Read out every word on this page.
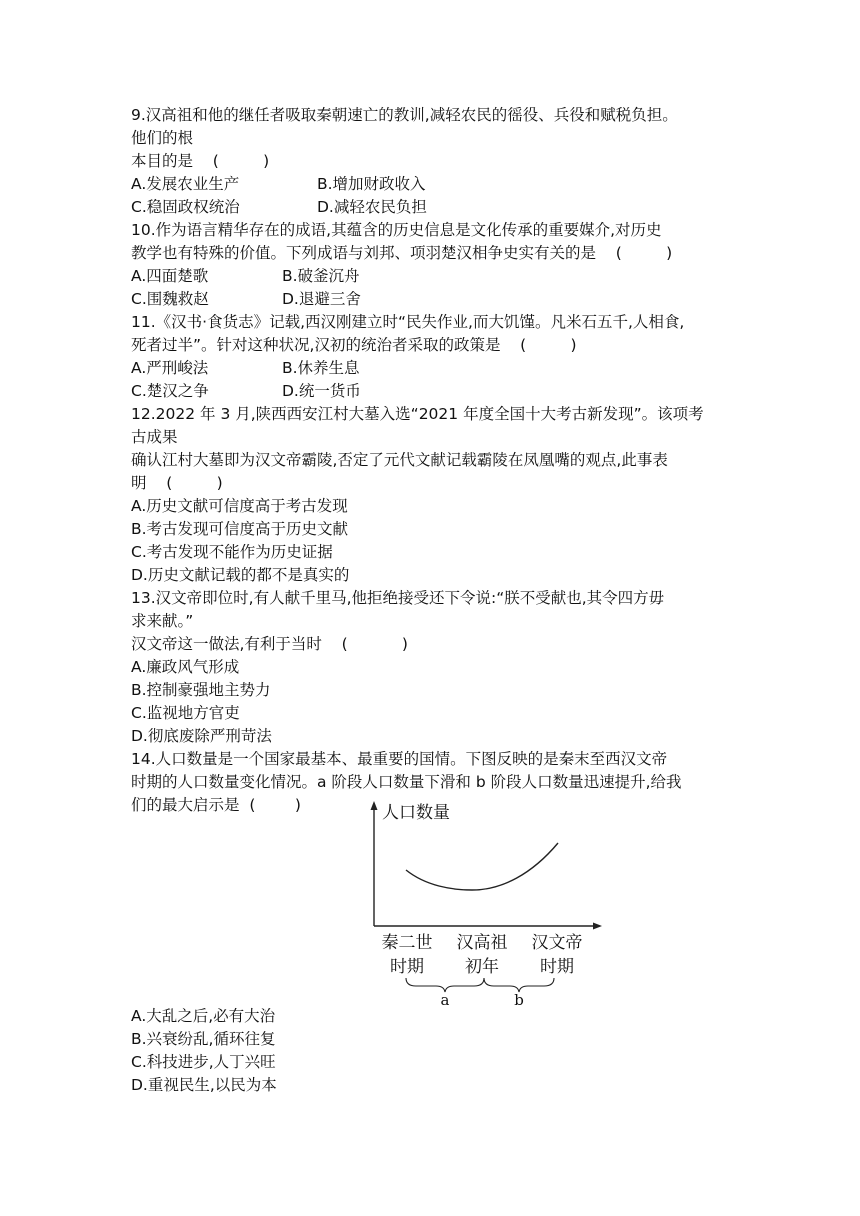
9.汉高祖和他的继任者吸取秦朝速亡的教训,减轻农民的徭役、兵役和赋税负担。
他们的根
本目的是    (         )
A.发展农业生产	B.增加财政收入
C.稳固政权统治	D.减轻农民负担
10.作为语言精华存在的成语,其蕴含的历史信息是文化传承的重要媒介,对历史
教学也有特殊的价值。下列成语与刘邦、项羽楚汉相争史实有关的是    (         )
A.四面楚歌	B.破釜沉舟
C.围魏救赵	D.退避三舍
11.《汉书·食货志》记载,西汉刚建立时“民失作业,而大饥馑。凡米石五千,人相食,
死者过半”。针对这种状况,汉初的统治者采取的政策是    (         )
A.严刑峻法	B.休养生息
C.楚汉之争	D.统一货币
12.2022 年 3 月,陕西西安江村大墓入选“2021 年度全国十大考古新发现”。该项考
古成果
确认江村大墓即为汉文帝霸陵,否定了元代文献记载霸陵在凤凰嘴的观点,此事表
明    (         )
A.历史文献可信度高于考古发现
B.考古发现可信度高于历史文献
C.考古发现不能作为历史证据
D.历史文献记载的都不是真实的
13.汉文帝即位时,有人献千里马,他拒绝接受还下令说:“朕不受献也,其令四方毋
求来献。”
汉文帝这一做法,有利于当时    (           )
A.廉政风气形成
B.控制豪强地主势力
C.监视地方官吏
D.彻底废除严刑苛法
14.人口数量是一个国家最基本、最重要的国情。下图反映的是秦末至西汉文帝
时期的人口数量变化情况。a 阶段人口数量下滑和 b 阶段人口数量迅速提升,给我
们的最大启示是  (        )	人口数量
秦二世
时期
汉高祖
初年
汉文帝
时期
a	b
A.大乱之后,必有大治
B.兴衰纷乱,循环往复
C.科技进步,人丁兴旺
D.重视民生,以民为本
